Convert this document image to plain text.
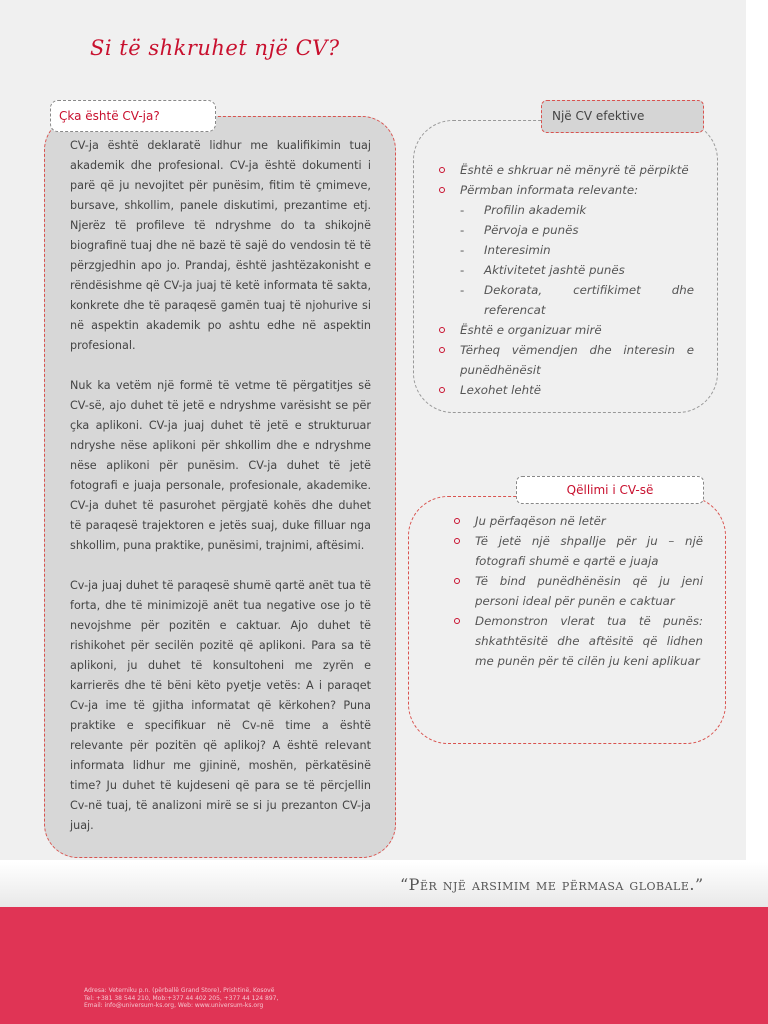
Si të shkruhet një CV?
Çka është CV-ja?

CV-ja është deklaratë lidhur me kualifikimin tuaj akademik dhe profesional. CV-ja është dokumenti i parë që ju nevojitet për punësim, fitim të çmimeve, bursave, shkollim, panele diskutimi, prezantime etj. Njerëz të profileve të ndryshme do ta shikojnë biografinë tuaj dhe në bazë të sajë do vendosin të të përzgjedhin apo jo. Prandaj, është jashtëzakonisht e rëndësishme që CV-ja juaj të ketë informata të sakta, konkrete dhe të paraqesë gamën tuaj të njohurive si në aspektin akademik po ashtu edhe në aspektin profesional.

Nuk ka vetëm një formë të vetme të përgatitjes së CV-së, ajo duhet të jetë e ndryshme varësisht se për çka aplikoni. CV-ja juaj duhet të jetë e strukturuar ndryshe nëse aplikoni për shkollim dhe e ndryshme nëse aplikoni për punësim. CV-ja duhet të jetë fotografi e juaja personale, profesionale, akademike. CV-ja duhet të pasurohet përgjatë kohës dhe duhet të paraqesë trajektoren e jetës suaj, duke filluar nga shkollim, puna praktike, punësimi, trajnimi, aftësimi.

Cv-ja juaj duhet të paraqesë shumë qartë anët tua të forta, dhe të minimizojë anët tua negative ose jo të nevojshme për pozitën e caktuar. Ajo duhet të rishikohet për secilën pozitë që aplikoni. Para sa të aplikoni, ju duhet të konsultoheni me zyrën e karrierës dhe të bëni këto pyetje vetës: A i paraqet Cv-ja ime të gjitha informatat që kërkohen? Puna praktike e specifikuar në Cv-në time a është relevante për pozitën që aplikoj? A është relevant informata lidhur me gjininë, moshën, përkatësinë time? Ju duhet të kujdeseni që para se të përcjellin Cv-në tuaj, të analizoni mirë se si ju prezanton CV-ja juaj.

Një CV efektive
Është e shkruar në mënyrë të përpiktë
Përmban informata relevante:
- Profilin akademik
- Përvoja e punës
- Interesimin
- Aktivitetet jashtë punës
- Dekorata, certifikimet dhe referencat
Është e organizuar mirë
Tërheq vëmendjen dhe interesin e punëdhënësit
Lexohet lehtë
Qëllimi i CV-së
Ju përfaqëson në letër
Të jetë një shpallje për ju – një fotografi shumë e qartë e juaja
Të bind punëdhënësin që ju jeni personi ideal për punën e caktuar
Demonstron vlerat tua të punës: shkathtësitë dhe aftësitë që lidhen me punën për të cilën ju keni aplikuar
“Për një arsimim me përmasa globale.”
Adresa: Veterniku p.n. (përballë Grand Store), Prishtinë, Kosovë
Tel: +381 38 544 210, Mob:+377 44 402 205, +377 44 124 897,
Email: info@universum-ks.org, Web: www.universum-ks.org
